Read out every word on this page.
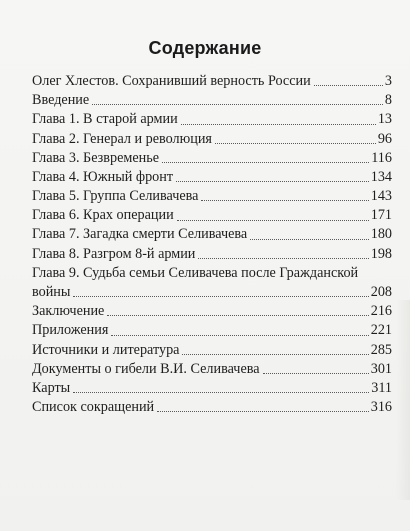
Содержание
Олег Хлестов. Сохранивший верность России	3
Введение	8
Глава 1. В старой армии	13
Глава 2. Генерал и революция	96
Глава 3. Безвременье	116
Глава 4. Южный фронт	134
Глава 5. Группа Селивачева	143
Глава 6. Крах операции	171
Глава 7. Загадка смерти Селивачева	180
Глава 8. Разгром 8-й армии	198
Глава 9. Судьба семьи Селивачева после Гражданской
войны	208
Заключение	216
Приложения	221
Источники и литература	285
Документы о гибели В.И. Селивачева	301
Карты	311
Список сокращений	316
